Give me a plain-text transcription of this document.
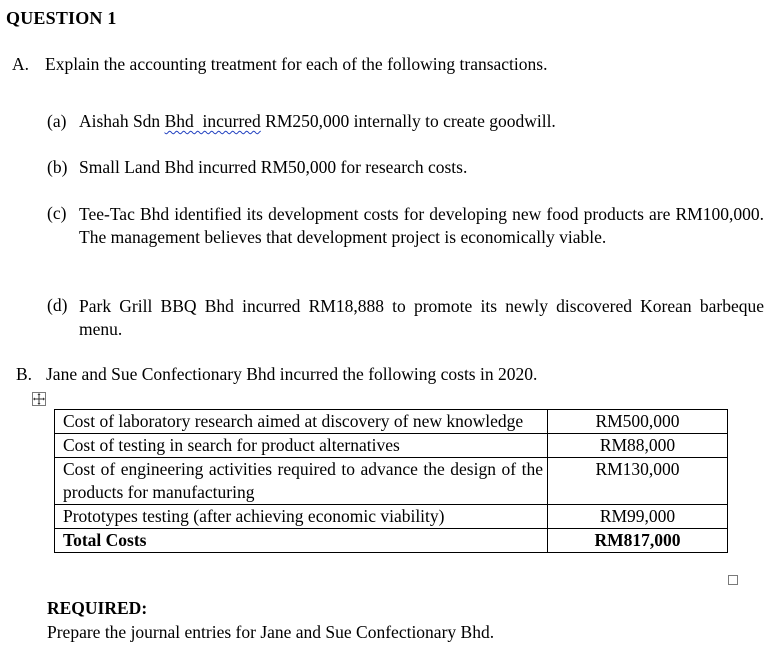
QUESTION 1
A. Explain the accounting treatment for each of the following transactions.
(a) Aishah Sdn Bhd  incurred RM250,000 internally to create goodwill.
(b) Small Land Bhd incurred RM50,000 for research costs.
(c) Tee-Tac Bhd identified its development costs for developing new food products are RM100,000. The management believes that development project is economically viable.
(d) Park Grill BBQ Bhd incurred RM18,888 to promote its newly discovered Korean barbeque menu.
B. Jane and Sue Confectionary Bhd incurred the following costs in 2020.
Cost of laboratory research aimed at discovery of new knowledge	RM500,000
Cost of testing in search for product alternatives	RM88,000
Cost of engineering activities required to advance the design of the products for manufacturing	RM130,000
Prototypes testing (after achieving economic viability)	RM99,000
Total Costs	RM817,000
REQUIRED:
Prepare the journal entries for Jane and Sue Confectionary Bhd.
